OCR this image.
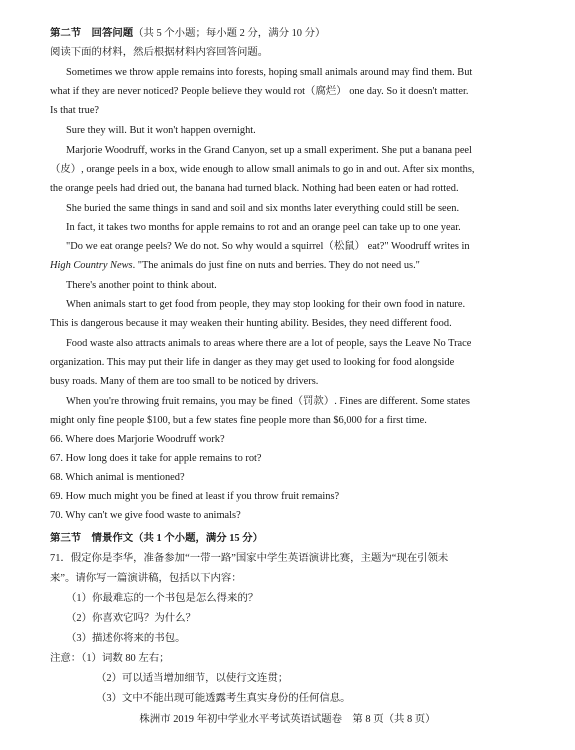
第二节　回答问题（共 5 个小题；每小题 2 分，满分 10 分）
阅读下面的材料，然后根据材料内容回答问题。
Sometimes we throw apple remains into forests, hoping small animals around may find them. But
what if they are never noticed? People believe they would rot（腐烂） one day. So it doesn't matter.
Is that true?
Sure they will. But it won't happen overnight.
Marjorie Woodruff, works in the Grand Canyon, set up a small experiment. She put a banana peel
（皮）, orange peels in a box, wide enough to allow small animals to go in and out. After six months,
the orange peels had dried out, the banana had turned black. Nothing had been eaten or had rotted.
She buried the same things in sand and soil and six months later everything could still be seen.
In fact, it takes two months for apple remains to rot and an orange peel can take up to one year.
"Do we eat orange peels? We do not. So why would a squirrel（松鼠） eat?" Woodruff writes in
High Country News. "The animals do just fine on nuts and berries. They do not need us."
There's another point to think about.
When animals start to get food from people, they may stop looking for their own food in nature.
This is dangerous because it may weaken their hunting ability. Besides, they need different food.
Food waste also attracts animals to areas where there are a lot of people, says the Leave No Trace
organization. This may put their life in danger as they may get used to looking for food alongside
busy roads. Many of them are too small to be noticed by drivers.
When you're throwing fruit remains, you may be fined（罚款）. Fines are different. Some states
might only fine people $100, but a few states fine people more than $6,000 for a first time.
66. Where does Marjorie Woodruff work?
67. How long does it take for apple remains to rot?
68. Which animal is mentioned?
69. How much might you be fined at least if you throw fruit remains?
70. Why can't we give food waste to animals?
第三节　情景作文（共 1 个小题，满分 15 分）
71．假定你是李华，准备参加“一带一路”国家中学生英语演讲比赛，主题为“现在引领未
来”。请你写一篇演讲稿，包括以下内容：
（1）你最难忘的一个书包是怎么得来的？
（2）你喜欢它吗？为什么？
（3）描述你将来的书包。
注意：（1）词数 80 左右；
（2）可以适当增加细节，以使行文连贯；
（3）文中不能出现可能透露考生真实身份的任何信息。
株洲市 2019 年初中学业水平考试英语试题卷　第 8 页（共 8 页）
